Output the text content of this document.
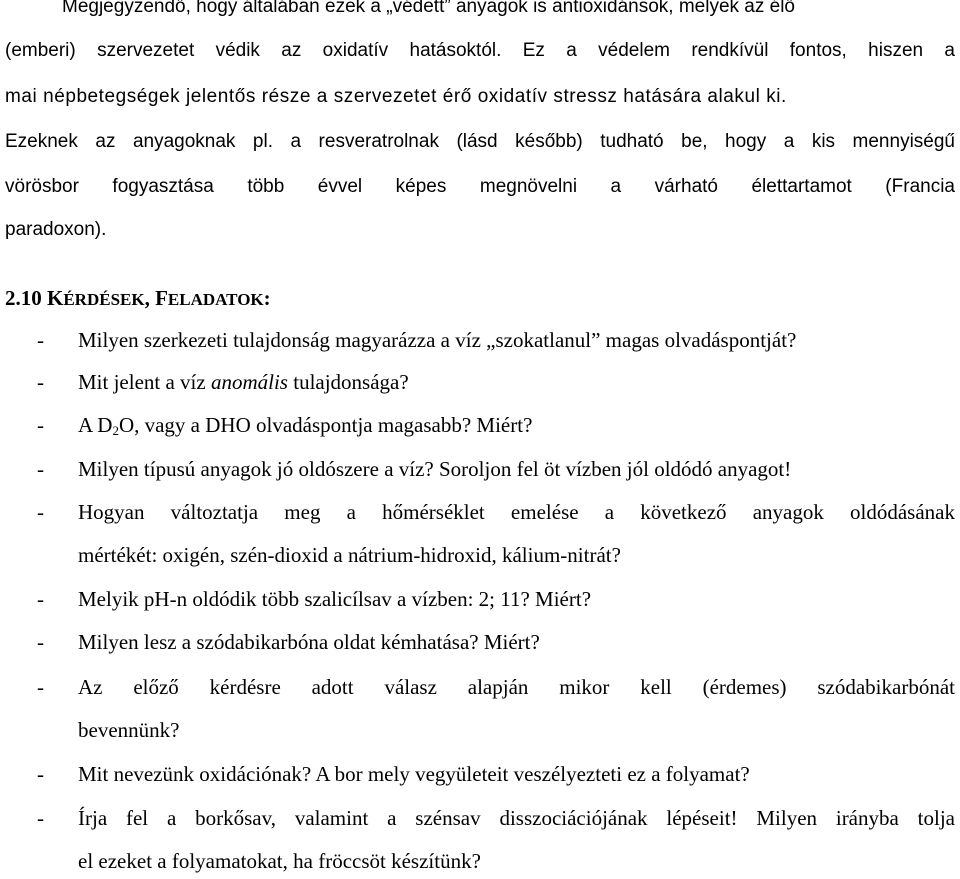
Megjegyzendő, hogy általában ezek a „védett” anyagok is antioxidánsok, melyek az élő
(emberi) szervezetet védik az oxidatív hatásoktól. Ez a védelem rendkívül fontos, hiszen a
mai népbetegségek jelentős része a szervezetet érő oxidatív stressz hatására alakul ki.
Ezeknek az anyagoknak pl. a resveratrolnak (lásd később) tudható be, hogy a kis mennyiségű
vörösbor fogyasztása több évvel képes megnövelni a várható élettartamot (Francia
paradoxon).
2.10 KÉRDÉSEK, FELADATOK:
- Milyen szerkezeti tulajdonság magyarázza a víz „szokatlanul” magas olvadáspontját?
- Mit jelent a víz anomális tulajdonsága?
- A $D_2O$, vagy a DHO olvadáspontja magasabb? Miért?
- Milyen típusú anyagok jó oldószere a víz? Soroljon fel öt vízben jól oldódó anyagot!
- Hogyan változtatja meg a hőmérséklet emelése a következő anyagok oldódásának
mértékét: oxigén, szén-dioxid a nátrium-hidroxid, kálium-nitrát?
- Melyik pH-n oldódik több szalicílsav a vízben: 2; 11? Miért?
- Milyen lesz a szódabikarbóna oldat kémhatása? Miért?
- Az előző kérdésre adott válasz alapján mikor kell (érdemes) szódabikarbónát
bevennünk?
- Mit nevezünk oxidációnak? A bor mely vegyületeit veszélyezteti ez a folyamat?
- Írja fel a borkősav, valamint a szénsav disszociációjának lépéseit! Milyen irányba tolja
el ezeket a folyamatokat, ha fröccsöt készítünk?
